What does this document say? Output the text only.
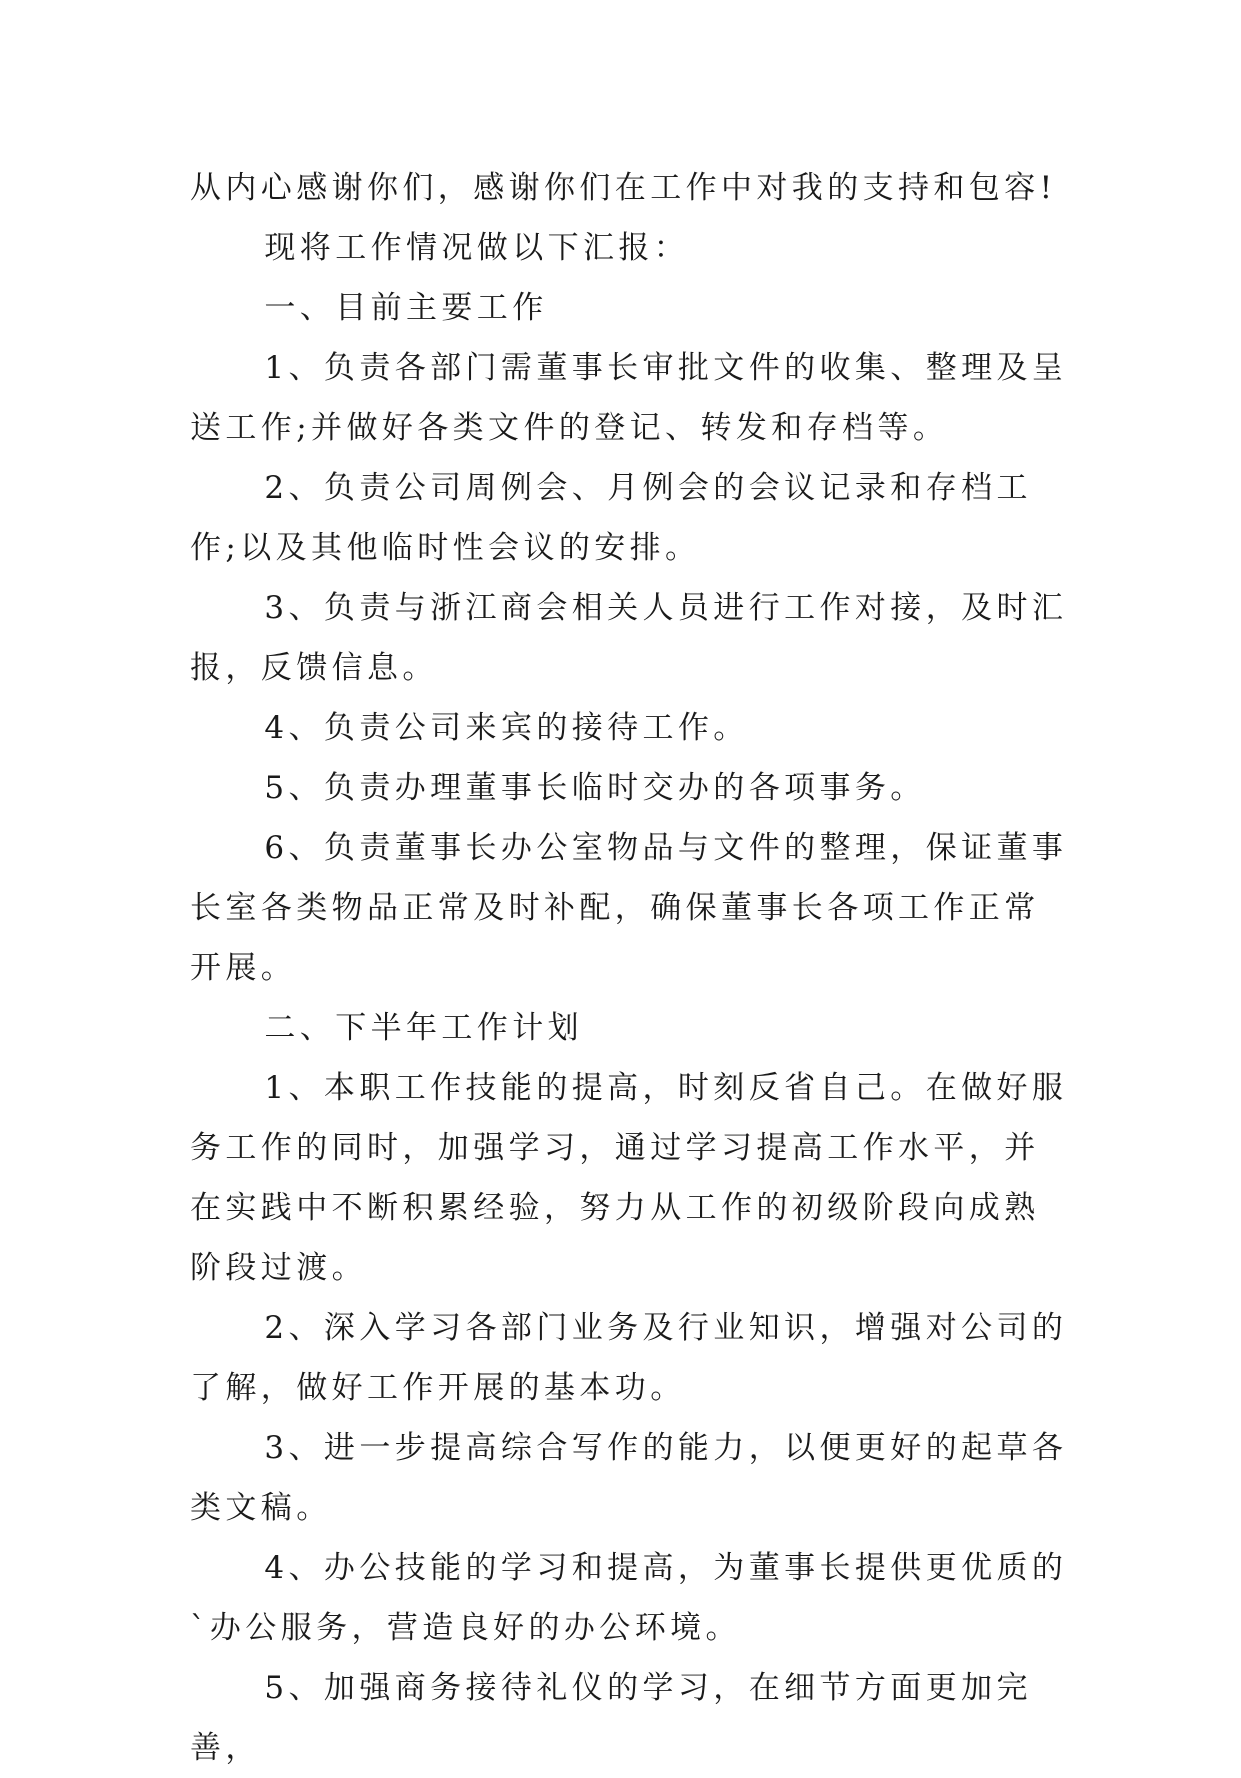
从内心感谢你们，感谢你们在工作中对我的支持和包容!

现将工作情况做以下汇报：

一、目前主要工作

1、负责各部门需董事长审批文件的收集、整理及呈送工作;并做好各类文件的登记、转发和存档等。

2、负责公司周例会、月例会的会议记录和存档工作;以及其他临时性会议的安排。

3、负责与浙江商会相关人员进行工作对接，及时汇报，反馈信息。

4、负责公司来宾的接待工作。

5、负责办理董事长临时交办的各项事务。

6、负责董事长办公室物品与文件的整理，保证董事长室各类物品正常及时补配，确保董事长各项工作正常开展。

二、下半年工作计划

1、本职工作技能的提高，时刻反省自己。在做好服务工作的同时，加强学习，通过学习提高工作水平，并在实践中不断积累经验，努力从工作的初级阶段向成熟阶段过渡。

2、深入学习各部门业务及行业知识，增强对公司的了解，做好工作开展的基本功。

3、进一步提高综合写作的能力，以便更好的起草各类文稿。

4、办公技能的学习和提高，为董事长提供更优质的`办公服务，营造良好的办公环境。

5、加强商务接待礼仪的学习，在细节方面更加完善，
